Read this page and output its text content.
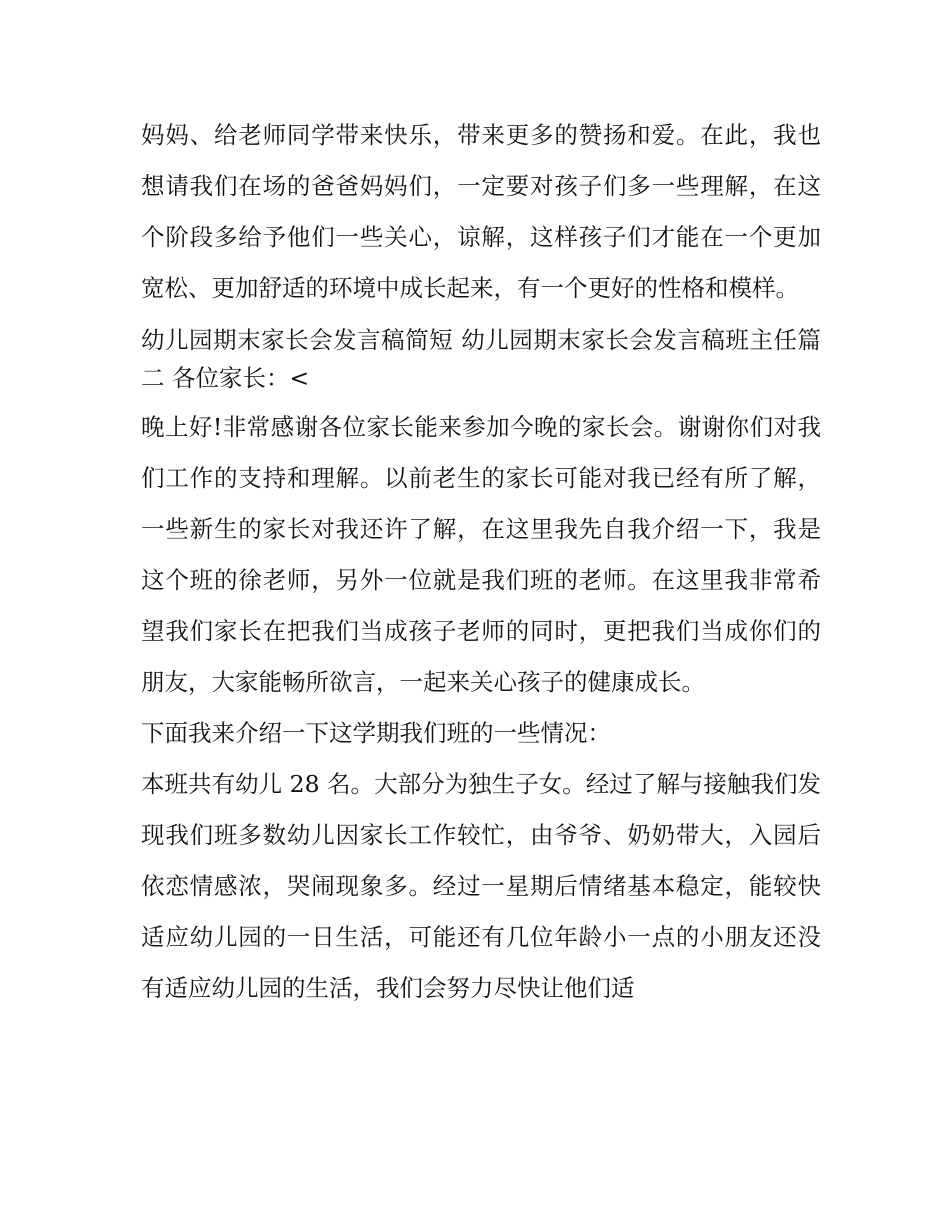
妈妈、给老师同学带来快乐，带来更多的赞扬和爱。在此，我也想请我们在场的爸爸妈妈们，一定要对孩子们多一些理解，在这个阶段多给予他们一些关心，谅解，这样孩子们才能在一个更加宽松、更加舒适的环境中成长起来，有一个更好的性格和模样。

幼儿园期末家长会发言稿简短 幼儿园期末家长会发言稿班主任篇二 各位家长：<

晚上好!非常感谢各位家长能来参加今晚的家长会。谢谢你们对我们工作的支持和理解。以前老生的家长可能对我已经有所了解，一些新生的家长对我还许了解，在这里我先自我介绍一下，我是这个班的徐老师，另外一位就是我们班的老师。在这里我非常希望我们家长在把我们当成孩子老师的同时，更把我们当成你们的朋友，大家能畅所欲言，一起来关心孩子的健康成长。

下面我来介绍一下这学期我们班的一些情况：

本班共有幼儿 28 名。大部分为独生子女。经过了解与接触我们发现我们班多数幼儿因家长工作较忙，由爷爷、奶奶带大，入园后依恋情感浓，哭闹现象多。经过一星期后情绪基本稳定，能较快适应幼儿园的一日生活，可能还有几位年龄小一点的小朋友还没有适应幼儿园的生活，我们会努力尽快让他们适
